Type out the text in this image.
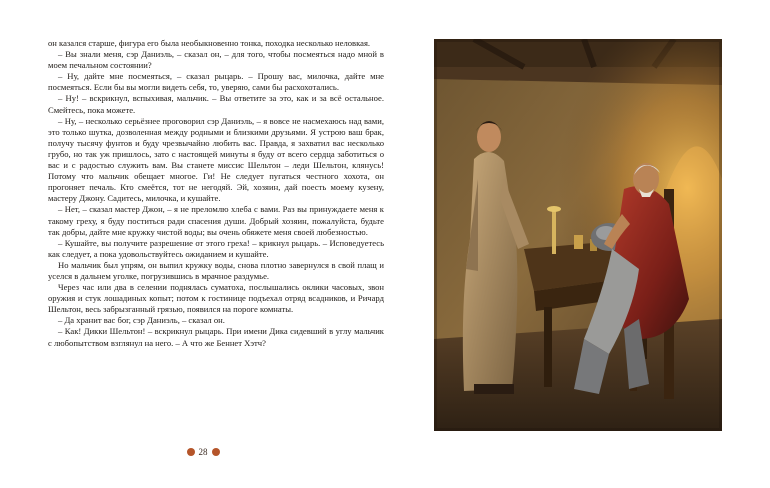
он казался старше, фигура его была необыкновенно тонка, походка несколько неловкая.

– Вы знали меня, сэр Даниэль, – сказал он, – для того, чтобы посмеяться надо мной в моем печальном состоянии?

– Ну, дайте мне посмеяться, – сказал рыцарь. – Прошу вас, милочка, дайте мне посмеяться. Если бы вы могли видеть себя, то, уверяю, сами бы расхохотались.

– Ну! – вскрикнул, вспыхивая, мальчик. – Вы ответите за это, как и за всё остальное. Смейтесь, пока можете.

– Ну, – несколько серьёзнее проговорил сэр Даниэль, – я вовсе не насмехаюсь над вами, это только шутка, дозволенная между родными и близкими друзьями. Я устрою ваш брак, получу тысячу фунтов и буду чрезвычайно любить вас. Правда, я захватил вас несколько грубо, но так уж пришлось, зато с настоящей минуты я буду от всего сердца заботиться о вас и с радостью служить вам. Вы станете миссис Шельтон – леди Шельтон, клянусь! Потому что мальчик обещает многое. Ги! Не следует пугаться честного хохота, он прогоняет печаль. Кто смеётся, тот не негодяй. Эй, хозяин, дай поесть моему кузену, мастеру Джону. Садитесь, милочка, и кушайте.

– Нет, – сказал мастер Джон, – я не преломлю хлеба с вами. Раз вы принуждаете меня к такому греху, я буду поститься ради спасения души. Добрый хозяин, пожалуйста, будьте так добры, дайте мне кружку чистой воды; вы очень обяжете меня своей любезностью.

– Кушайте, вы получите разрешение от этого греха! – крикнул рыцарь. – Исповедуетесь как следует, а пока удовольствуйтесь ожиданием и кушайте.

Но мальчик был упрям, он выпил кружку воды, снова плотно завернулся в свой плащ и уселся в дальнем уголке, погрузившись в мрачное раздумье.

Через час или два в селении поднялась суматоха, послышались оклики часовых, звон оружия и стук лошадиных копыт; потом к гостинице подъехал отряд всадников, и Ричард Шельтон, весь забрызганный грязью, появился на пороге комнаты.

– Да хранит вас бог, сэр Даниэль, – сказал он.

– Как! Дикки Шельтон! – вскрикнул рыцарь. При имени Дика сидевший в углу мальчик с любопытством взглянул на него. – А что же Беннет Хэтч?

28
